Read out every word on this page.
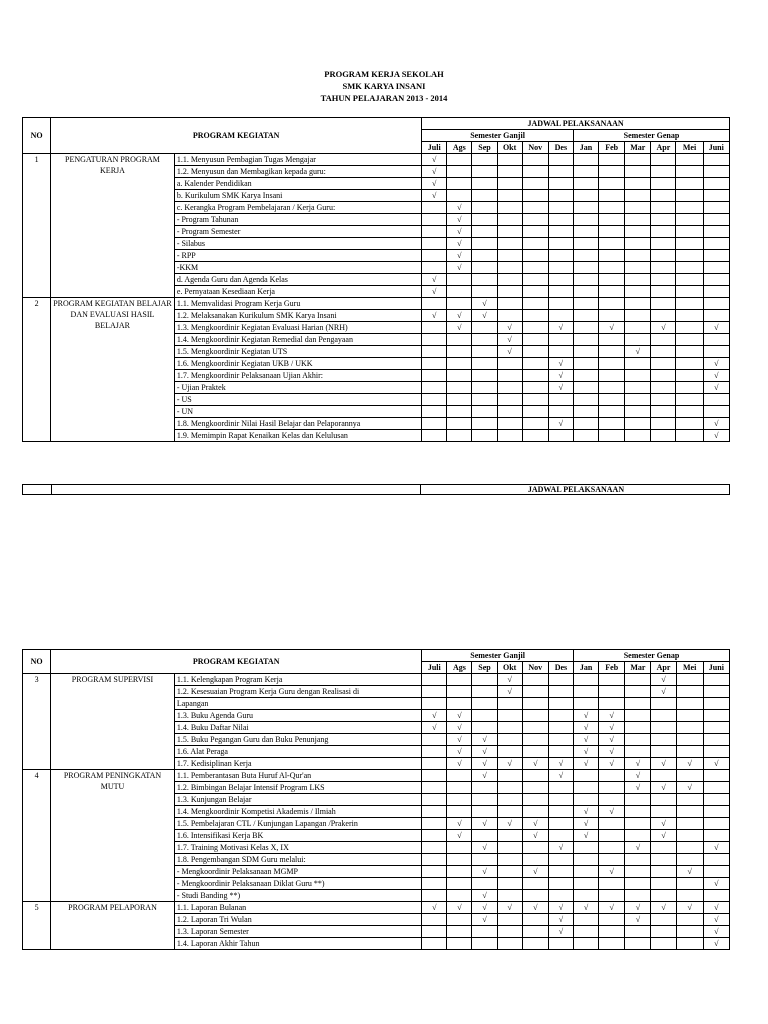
PROGRAM KERJA SEKOLAH
SMK KARYA INSANI
TAHUN PELAJARAN 2013 - 2014
NO	PROGRAM KEGIATAN		JADWAL PELAKSANAAN											
			Semester Ganjil						Semester Genap					
			Juli	Ags	Sep	Okt	Nov	Des	Jan	Feb	Mar	Apr	Mei	Juni
1	PENGATURAN PROGRAM KERJA	1.1. Menyusun Pembagian Tugas Mengajar	√											
		1.2. Menyusun dan Membagikan kepada guru:	√											
		a. Kalender Pendidikan	√											
		b. Kurikulum SMK Karya Insani	√											
		c. Kerangka Program Pembelajaran / Kerja Guru:		√										
		- Program Tahunan		√										
		- Program Semester		√										
		- Silabus		√										
		- RPP		√										
		-KKM		√										
		d. Agenda Guru dan Agenda Kelas	√											
		e. Pernyataan Kesediaan Kerja	√											
2	PROGRAM KEGIATAN BELAJAR DAN EVALUASI HASIL BELAJAR	1.1. Memvalidasi Program Kerja Guru			√									
		1.2. Melaksanakan Kurikulum SMK Karya Insani	√	√	√									
		1.3. Mengkoordinir Kegiatan Evaluasi Harian (NRH)		√		√		√		√		√		√
		1.4. Mengkoordinir Kegiatan Remedial dan Pengayaan				√								
		1.5. Mengkoordinir Kegiatan UTS				√					√			
		1.6. Mengkoordinir Kegiatan UKB / UKK						√						√
		1.7. Mengkoordinir Pelaksanaan Ujian Akhir:						√						√
		- Ujian Praktek						√						√
		- US												
		- UN												
		1.8. Mengkoordinir Nilai Hasil Belajar dan Pelaporannya						√						√
		1.9. Memimpin Rapat Kenaikan Kelas dan Kelulusan												√
JADWAL PELAKSANAAN
NO	PROGRAM KEGIATAN		Semester Ganjil						Semester Genap					
			Juli	Ags	Sep	Okt	Nov	Des	Jan	Feb	Mar	Apr	Mei	Juni
3	PROGRAM SUPERVISI	1.1. Kelengkapan Program Kerja				√						√		
		1.2. Kesesuaian Program Kerja Guru dengan Realisasi di				√						√		
		Lapangan												
		1.3. Buku Agenda Guru	√	√					√	√				
		1.4. Buku Daftar Nilai	√	√					√	√				
		1.5. Buku Pegangan Guru dan Buku Penunjang		√	√				√	√				
		1.6. Alat Peraga		√	√				√	√				
		1.7. Kedisiplinan Kerja		√	√	√	√	√	√	√	√	√	√	√
4	PROGRAM PENINGKATAN MUTU	1.1. Pemberantasan Buta Huruf Al-Qur'an			√			√			√			
		1.2. Bimbingan Belajar Intensif Program LKS									√	√	√	
		1.3. Kunjungan Belajar												
		1.4. Mengkoordinir Kompetisi Akademis / Ilmiah							√	√				
		1.5. Pembelajaran CTL / Kunjungan Lapangan /Prakerin		√	√	√	√		√			√		
		1.6. Intensifikasi Kerja BK		√			√		√			√		
		1.7. Training Motivasi Kelas X, IX			√			√			√			√
		1.8. Pengembangan SDM Guru melalui:												
		- Mengkoordinir Pelaksanaan MGMP			√		√			√			√	
		- Mengkoordinir Pelaksanaan Diklat Guru **)												√
		- Studi Banding **)			√									
5	PROGRAM PELAPORAN	1.1. Laporan Bulanan	√	√	√	√	√	√	√	√	√	√	√	√
		1.2. Laporan Tri Wulan			√			√			√			√
		1.3. Laporan Semester						√						√
		1.4. Laporan Akhir Tahun												√
